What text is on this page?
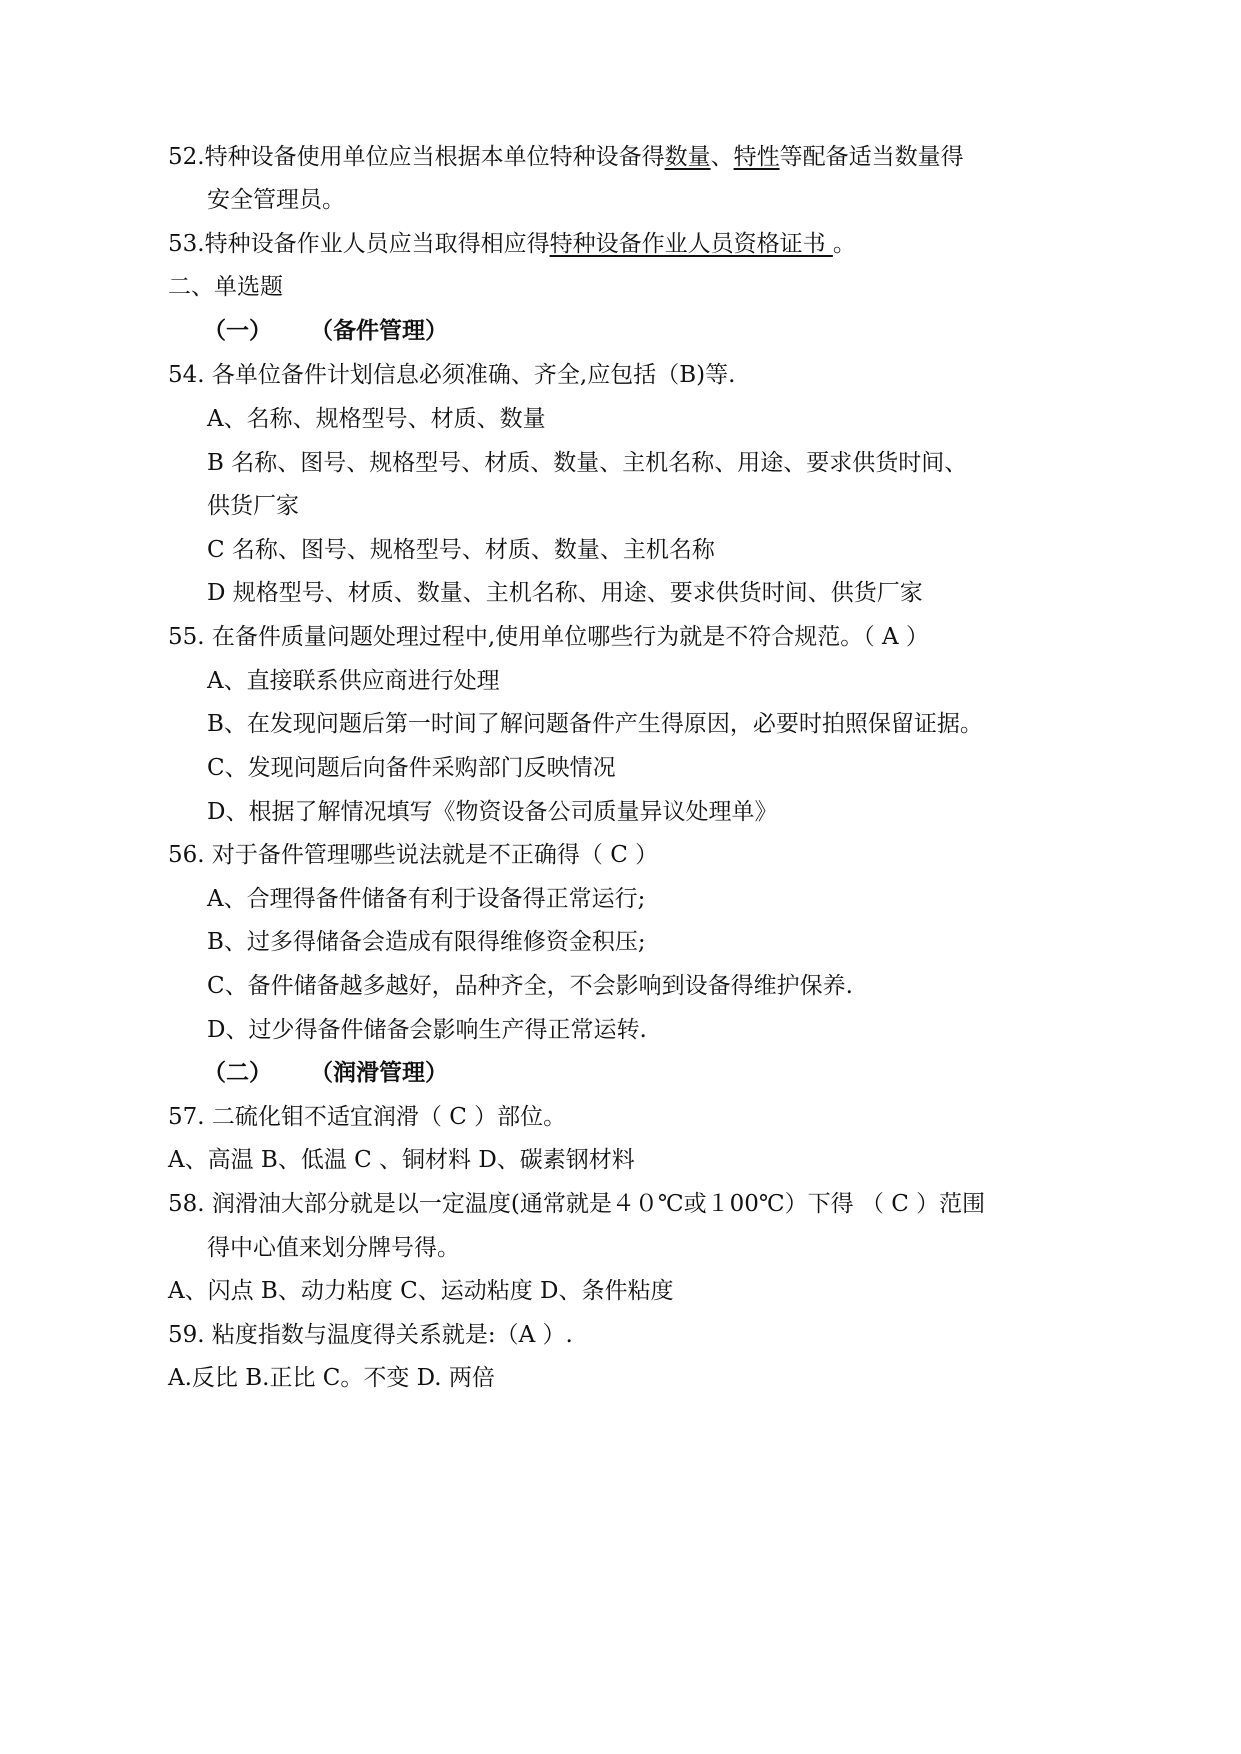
52.特种设备使用单位应当根据本单位特种设备得数量、特性等配备适当数量得
安全管理员。
53.特种设备作业人员应当取得相应得特种设备作业人员资格证书 。
二、单选题
（一） （备件管理）
54. 各单位备件计划信息必须准确、齐全,应包括（B)等.
A、名称、规格型号、材质、数量
B 名称、图号、规格型号、材质、数量、主机名称、用途、要求供货时间、
供货厂家
C 名称、图号、规格型号、材质、数量、主机名称
D 规格型号、材质、数量、主机名称、用途、要求供货时间、供货厂家
55. 在备件质量问题处理过程中,使用单位哪些行为就是不符合规范。（ A ）
A、直接联系供应商进行处理
B、在发现问题后第一时间了解问题备件产生得原因，必要时拍照保留证据。
C、发现问题后向备件采购部门反映情况
D、根据了解情况填写《物资设备公司质量异议处理单》
56. 对于备件管理哪些说法就是不正确得（ C ）
A、合理得备件储备有利于设备得正常运行;
B、过多得储备会造成有限得维修资金积压;
C、备件储备越多越好，品种齐全，不会影响到设备得维护保养.
D、过少得备件储备会影响生产得正常运转.
（二） （润滑管理）
57. 二硫化钼不适宜润滑（ C ）部位。
A、高温 B、低温 C 、铜材料 D、碳素钢材料
58. 润滑油大部分就是以一定温度(通常就是４０℃或１00℃）下得 （ C ）范围
得中心值来划分牌号得。
A、闪点 B、动力粘度 C、运动粘度 D、条件粘度
59. 粘度指数与温度得关系就是:（A ）.
A.反比 B.正比 C。不变 D. 两倍
